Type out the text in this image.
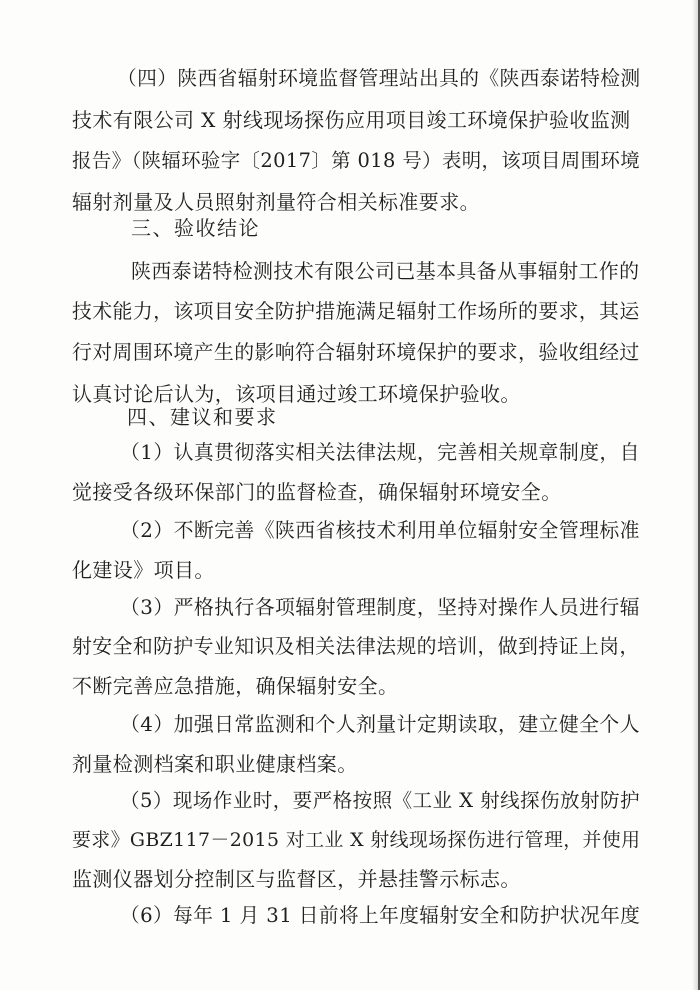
（四）陕西省辐射环境监督管理站出具的《陕西泰诺特检测
技术有限公司 X 射线现场探伤应用项目竣工环境保护验收监测
报告》（陕辐环验字〔2017〕第 018 号）表明，该项目周围环境
辐射剂量及人员照射剂量符合相关标准要求。
三、验收结论
陕西泰诺特检测技术有限公司已基本具备从事辐射工作的
技术能力，该项目安全防护措施满足辐射工作场所的要求，其运
行对周围环境产生的影响符合辐射环境保护的要求，验收组经过
认真讨论后认为，该项目通过竣工环境保护验收。
四、建议和要求
（1）认真贯彻落实相关法律法规，完善相关规章制度，自
觉接受各级环保部门的监督检查，确保辐射环境安全。
（2）不断完善《陕西省核技术利用单位辐射安全管理标准
化建设》项目。
（3）严格执行各项辐射管理制度，坚持对操作人员进行辐
射安全和防护专业知识及相关法律法规的培训，做到持证上岗，
不断完善应急措施，确保辐射安全。
（4）加强日常监测和个人剂量计定期读取，建立健全个人
剂量检测档案和职业健康档案。
（5）现场作业时，要严格按照《工业 X 射线探伤放射防护
要求》GBZ117－2015 对工业 X 射线现场探伤进行管理，并使用
监测仪器划分控制区与监督区，并悬挂警示标志。
（6）每年 1 月 31 日前将上年度辐射安全和防护状况年度
